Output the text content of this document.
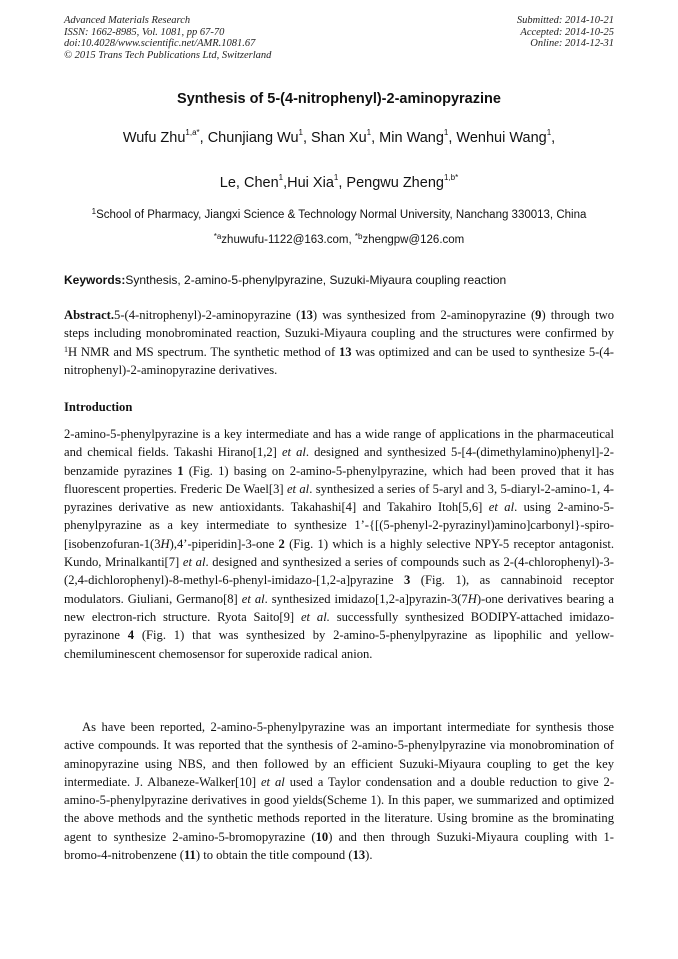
Advanced Materials Research
ISSN: 1662-8985, Vol. 1081, pp 67-70
doi:10.4028/www.scientific.net/AMR.1081.67
© 2015 Trans Tech Publications Ltd, Switzerland
Submitted: 2014-10-21
Accepted: 2014-10-25
Online: 2014-12-31
Synthesis of 5-(4-nitrophenyl)-2-aminopyrazine
Wufu Zhu$^{1,a*}$, Chunjiang Wu$^1$, Shan Xu$^1$, Min Wang$^1$, Wenhui Wang$^1$,
Le, Chen$^1$,Hui Xia$^1$, Pengwu Zheng$^{1,b*}$
$^1$School of Pharmacy, Jiangxi Science & Technology Normal University, Nanchang 330013, China
$^{*a}$zhuwufu-1122@163.com, $^{*b}$zhengpw@126.com
Keywords:Synthesis, 2-amino-5-phenylpyrazine, Suzuki-Miyaura coupling reaction

Abstract.5-(4-nitrophenyl)-2-aminopyrazine (13) was synthesized from 2-aminopyrazine (9) through two steps including monobrominated reaction, Suzuki-Miyaura coupling and the structures were confirmed by $^1$H NMR and MS spectrum. The synthetic method of 13 was optimized and can be used to synthesize 5-(4-nitrophenyl)-2-aminopyrazine derivatives.

Introduction

2-amino-5-phenylpyrazine is a key intermediate and has a wide range of applications in the pharmaceutical and chemical fields. Takashi Hirano[1,2] et al. designed and synthesized 5-[4-(dimethylamino)phenyl]-2-benzamide pyrazines 1 (Fig. 1) basing on 2-amino-5-phenylpyrazine, which had been proved that it has fluorescent properties. Frederic De Wael[3] et al. synthesized a series of 5-aryl and 3, 5-diaryl-2-amino-1, 4-pyrazines derivative as new antioxidants. Takahashi[4] and Takahiro Itoh[5,6] et al. using 2-amino-5-phenylpyrazine as a key intermediate to synthesize 1’-{[(5-phenyl-2-pyrazinyl)amino]carbonyl}-spiro-[isobenzofuran-1(3H),4’-piperidin]-3-one 2 (Fig. 1) which is a highly selective NPY-5 receptor antagonist. Kundo, Mrinalkanti[7] et al. designed and synthesized a series of compounds such as 2-(4-chlorophenyl)-3-(2,4-dichlorophenyl)-8-methyl-6-phenyl-imidazo-[1,2-a]pyrazine 3 (Fig. 1), as cannabinoid receptor modulators. Giuliani, Germano[8] et al. synthesized imidazo[1,2-a]pyrazin-3(7H)-one derivatives bearing a new electron-rich structure. Ryota Saito[9] et al. successfully synthesized BODIPY-attached imidazo-pyrazinone 4 (Fig. 1) that was synthesized by 2-amino-5-phenylpyrazine as lipophilic and yellow-chemiluminescent chemosensor for superoxide radical anion.

As have been reported, 2-amino-5-phenylpyrazine was an important intermediate for synthesis those active compounds. It was reported that the synthesis of 2-amino-5-phenylpyrazine via monobromination of aminopyrazine using NBS, and then followed by an efficient Suzuki-Miyaura coupling to get the key intermediate. J. Albaneze-Walker[10] et al used a Taylor condensation and a double reduction to give 2-amino-5-phenylpyrazine derivatives in good yields(Scheme 1). In this paper, we summarized and optimized the above methods and the synthetic methods reported in the literature. Using bromine as the brominating agent to synthesize 2-amino-5-bromopyrazine (10) and then through Suzuki-Miyaura coupling with 1-bromo-4-nitrobenzene (11) to obtain the title compound (13).
